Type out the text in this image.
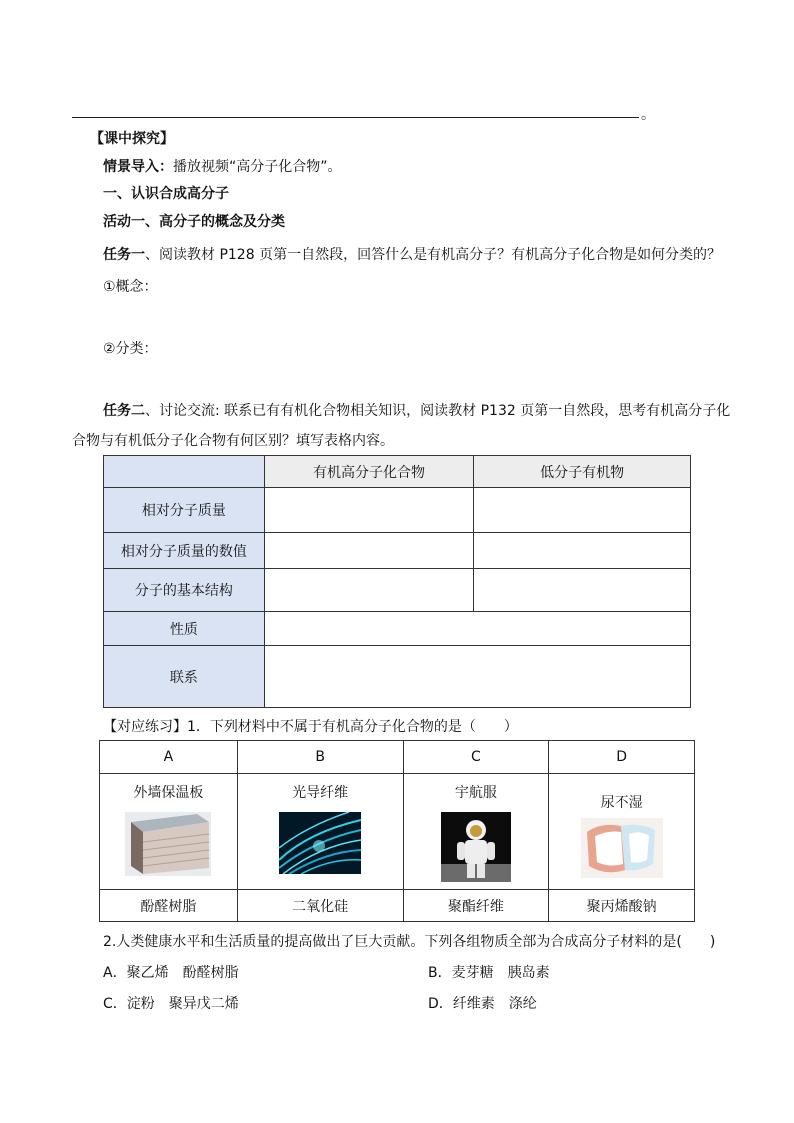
。
【课中探究】
情景导入：播放视频“高分子化合物”。
一、认识合成高分子
活动一、高分子的概念及分类
任务一、阅读教材 P128 页第一自然段，回答什么是有机高分子？有机高分子化合物是如何分类的？
①概念：
②分类：
任务二、讨论交流: 联系已有有机化合物相关知识，阅读教材 P132 页第一自然段，思考有机高分子化
合物与有机低分子化合物有何区别？填写表格内容。
	有机高分子化合物	低分子有机物
相对分子质量		
相对分子质量的数值		
分子的基本结构		
性质		
联系		
【对应练习】1．下列材料中不属于有机高分子化合物的是（　　）
A	B	C	D

外墙保温板	光导纤维	宇航服	尿不湿

酚醛树脂	二氧化硅	聚酯纤维	聚丙烯酸钠
2.人类健康水平和生活质量的提高做出了巨大贡献。下列各组物质全部为合成高分子材料的是(　　)
A．聚乙烯　酚醛树脂	B．麦芽糖　胰岛素
C．淀粉　聚异戊二烯	D．纤维素　涤纶
